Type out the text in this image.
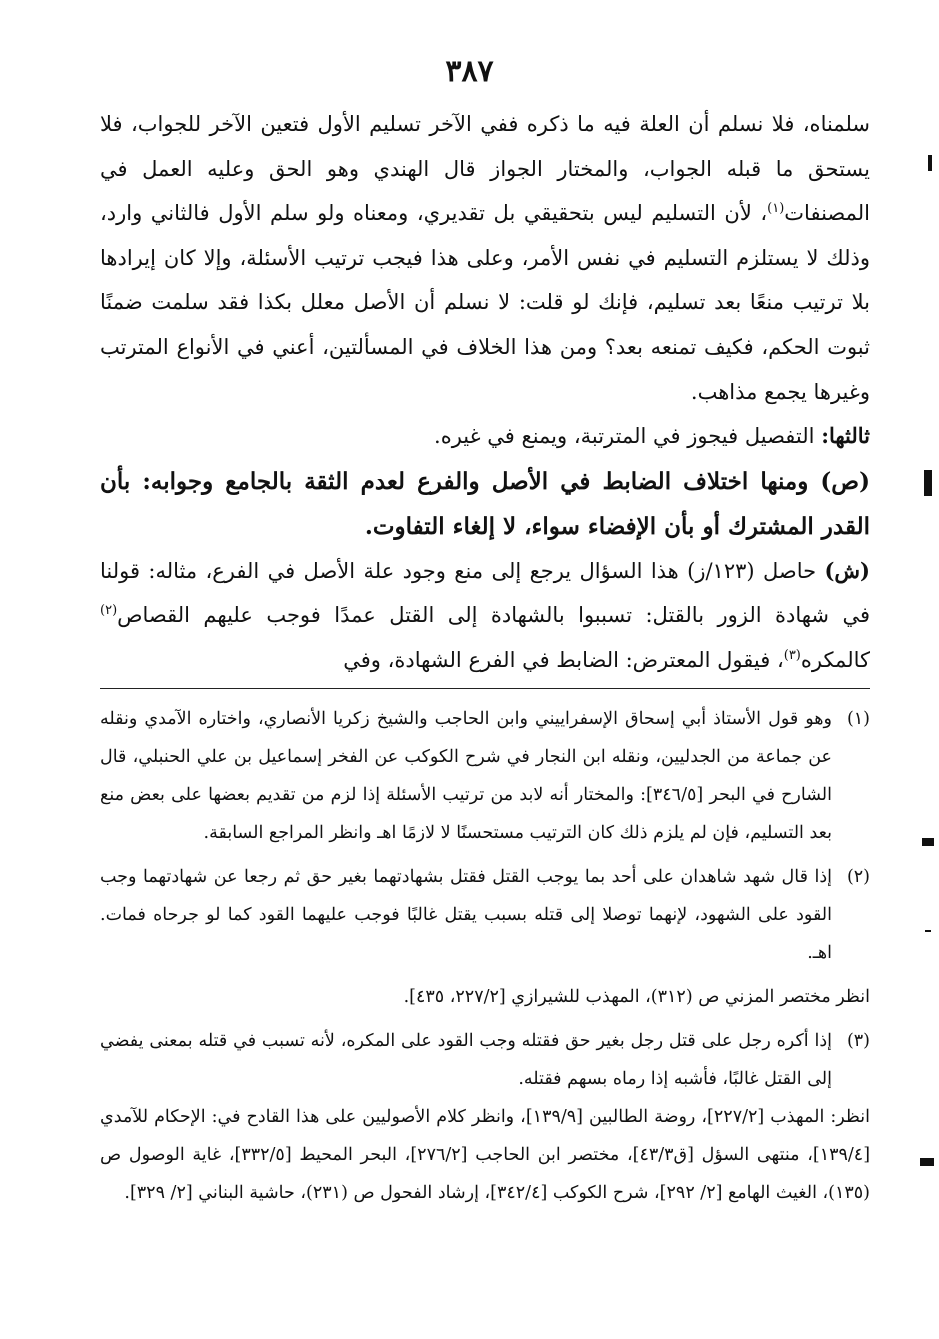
٣٨٧

سلمناه، فلا نسلم أن العلة فيه ما ذكره ففي الآخر تسليم الأول فتعين الآخر للجواب، فلا يستحق ما قبله الجواب، والمختار الجواز قال الهندي وهو الحق وعليه العمل في المصنفات$^{(١)}$، لأن التسليم ليس بتحقيقي بل تقديري، ومعناه ولو سلم الأول فالثاني وارد، وذلك لا يستلزم التسليم في نفس الأمر، وعلى هذا فيجب ترتيب الأسئلة، وإلا كان إيرادها بلا ترتيب منعًا بعد تسليم، فإنك لو قلت: لا نسلم أن الأصل معلل بكذا فقد سلمت ضمنًا ثبوت الحكم، فكيف تمنعه بعد؟ ومن هذا الخلاف في المسألتين، أعني في الأنواع المترتب وغيرها يجمع مذاهب.

ثالثها: التفصيل فيجوز في المترتبة، ويمنع في غيره.

(ص) ومنها اختلاف الضابط في الأصل والفرع لعدم الثقة بالجامع وجوابه: بأن القدر المشترك أو بأن الإفضاء سواء، لا إلغاء التفاوت.

(ش) حاصل (١٢٣/ز) هذا السؤال يرجع إلى منع وجود علة الأصل في الفرع، مثاله: قولنا في شهادة الزور بالقتل: تسببوا بالشهادة إلى القتل عمدًا فوجب عليهم القصاص$^{(٢)}$ كالمكره$^{(٣)}$، فيقول المعترض: الضابط في الفرع الشهادة، وفي

(١)
وهو قول الأستاذ أبي إسحاق الإسفراييني وابن الحاجب والشيخ زكريا الأنصاري، واختاره الآمدي ونقله عن جماعة من الجدليين، ونقله ابن النجار في شرح الكوكب عن الفخر إسماعيل بن علي الحنبلي، قال الشارح في البحر [٣٤٦/٥]: والمختار أنه لابد من ترتيب الأسئلة إذا لزم من تقديم بعضها على بعض منع بعد التسليم، فإن لم يلزم ذلك كان الترتيب مستحسنًا لا لازمًا اهـ وانظر المراجع السابقة.
(٢)
إذا قال شهد شاهدان على أحد بما يوجب القتل فقتل بشهادتهما بغير حق ثم رجعا عن شهادتهما وجب القود على الشهود، لإنهما توصلا إلى قتله بسبب يقتل غالبًا فوجب عليهما القود كما لو جرحاه فمات. اهـ.

انظر مختصر المزني ص (٣١٢)، المهذب للشيرازي [٢٢٧/٢، ٤٣٥].

(٣)
إذا أكره رجل على قتل رجل بغير حق فقتله وجب القود على المكره، لأنه تسبب في قتله بمعنى يفضي إلى القتل غالبًا، فأشبه إذا رماه بسهم فقتله.

انظر: المهذب [٢٢٧/٢]، روضة الطالبين [١٣٩/٩]، وانظر كلام الأصوليين على هذا القادح في: الإحكام للآمدي [١٣٩/٤]، منتهى السؤل [ق٤٣/٣]، مختصر ابن الحاجب [٢٧٦/٢]، البحر المحيط [٣٣٢/٥]، غاية الوصول ص (١٣٥)، الغيث الهامع [٢/ ٢٩٢]، شرح الكوكب [٣٤٢/٤]، إرشاد الفحول ص (٢٣١)، حاشية البناني [٢/ ٣٢٩].
